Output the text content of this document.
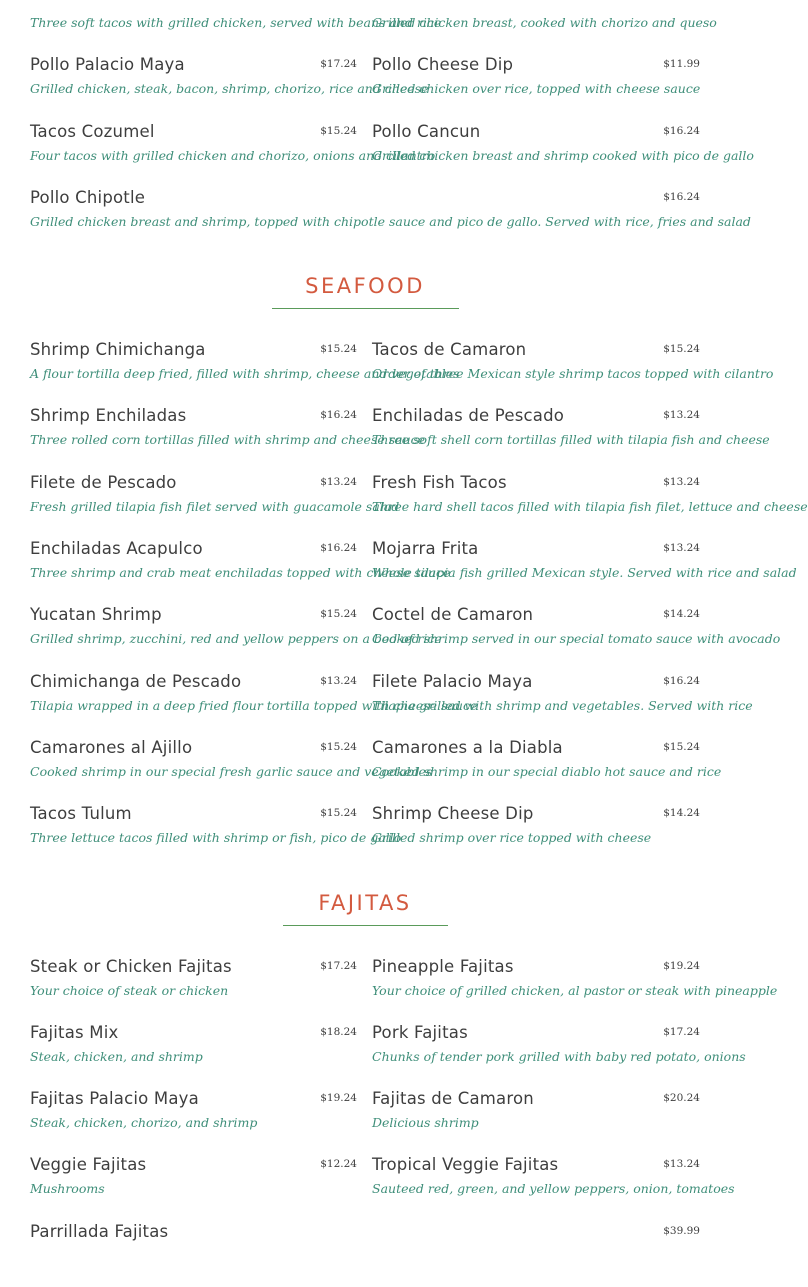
Three soft tacos with grilled chicken, served with beans and rice
Grilled chicken breast, cooked with chorizo and queso
Pollo Palacio Maya	$17.24
Grilled chicken, steak, bacon, shrimp, chorizo, rice and cheese
Pollo Cheese Dip	$11.99
Grilled chicken over rice, topped with cheese sauce
Tacos Cozumel	$15.24
Four tacos with grilled chicken and chorizo, onions and cilantro
Pollo Cancun	$16.24
Grilled chicken breast and shrimp cooked with pico de gallo
Pollo Chipotle	$16.24
Grilled chicken breast and shrimp, topped with chipotle sauce and pico de gallo. Served with rice, fries and salad
SEAFOOD
Shrimp Chimichanga	$15.24
A flour tortilla deep fried, filled with shrimp, cheese and vegetables
Tacos de Camaron	$15.24
Order of three Mexican style shrimp tacos topped with cilantro
Shrimp Enchiladas	$16.24
Three rolled corn tortillas filled with shrimp and cheese sauce
Enchiladas de Pescado	$13.24
Three soft shell corn tortillas filled with tilapia fish and cheese
Filete de Pescado	$13.24
Fresh grilled tilapia fish filet served with guacamole salad
Fresh Fish Tacos	$13.24
Three hard shell tacos filled with tilapia fish filet, lettuce and cheese
Enchiladas Acapulco	$16.24
Three shrimp and crab meat enchiladas topped with cheese sauce
Mojarra Frita	$13.24
Whole tilapia fish grilled Mexican style. Served with rice and salad
Yucatan Shrimp	$15.24
Grilled shrimp, zucchini, red and yellow peppers on a bed of rice
Coctel de Camaron	$14.24
Cooked shrimp served in our special tomato sauce with avocado
Chimichanga de Pescado	$13.24
Tilapia wrapped in a deep fried flour tortilla topped with cheese sauce
Filete Palacio Maya	$16.24
Tilapia grilled with shrimp and vegetables. Served with rice
Camarones al Ajillo	$15.24
Cooked shrimp in our special fresh garlic sauce and vegetables
Camarones a la Diabla	$15.24
Cooked shrimp in our special diablo hot sauce and rice
Tacos Tulum	$15.24
Three lettuce tacos filled with shrimp or fish, pico de gallo
Shrimp Cheese Dip	$14.24
Grilled shrimp over rice topped with cheese
FAJITAS
Steak or Chicken Fajitas	$17.24
Your choice of steak or chicken
Pineapple Fajitas	$19.24
Your choice of grilled chicken, al pastor or steak with pineapple
Fajitas Mix	$18.24
Steak, chicken, and shrimp
Pork Fajitas	$17.24
Chunks of tender pork grilled with baby red potato, onions
Fajitas Palacio Maya	$19.24
Steak, chicken, chorizo, and shrimp
Fajitas de Camaron	$20.24
Delicious shrimp
Veggie Fajitas	$12.24
Mushrooms
Tropical Veggie Fajitas	$13.24
Sauteed red, green, and yellow peppers, onion, tomatoes
Parrillada Fajitas	$39.99
